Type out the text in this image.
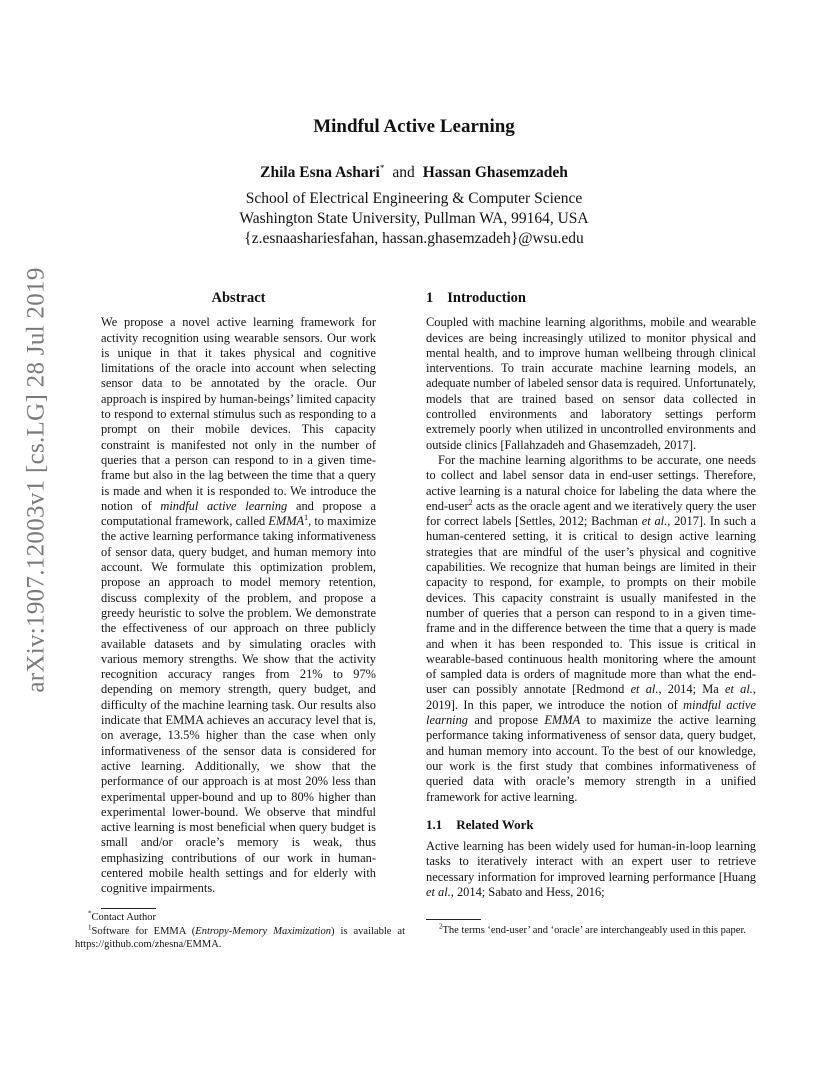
arXiv:1907.12003v1 [cs.LG] 28 Jul 2019
Mindful Active Learning
Zhila Esna Ashari* and Hassan Ghasemzadeh
School of Electrical Engineering & Computer Science
Washington State University, Pullman WA, 99164, USA
{z.esnaashariesfahan, hassan.ghasemzadeh}@wsu.edu
Abstract

We propose a novel active learning framework for activity recognition using wearable sensors. Our work is unique in that it takes physical and cognitive limitations of the oracle into account when selecting sensor data to be annotated by the oracle. Our approach is inspired by human-beings’ limited capacity to respond to external stimulus such as responding to a prompt on their mobile devices. This capacity constraint is manifested not only in the number of queries that a person can respond to in a given time-frame but also in the lag between the time that a query is made and when it is responded to. We introduce the notion of mindful active learning and propose a computational framework, called EMMA$^1$, to maximize the active learning performance taking informativeness of sensor data, query budget, and human memory into account. We formulate this optimization problem, propose an approach to model memory retention, discuss complexity of the problem, and propose a greedy heuristic to solve the problem. We demonstrate the effectiveness of our approach on three publicly available datasets and by simulating oracles with various memory strengths. We show that the activity recognition accuracy ranges from 21% to 97% depending on memory strength, query budget, and difficulty of the machine learning task. Our results also indicate that EMMA achieves an accuracy level that is, on average, 13.5% higher than the case when only informativeness of the sensor data is considered for active learning. Additionally, we show that the performance of our approach is at most 20% less than experimental upper-bound and up to 80% higher than experimental lower-bound. We observe that mindful active learning is most beneficial when query budget is small and/or oracle’s memory is weak, thus emphasizing contributions of our work in human-centered mobile health settings and for elderly with cognitive impairments.

*Contact Author
$^1$Software for EMMA (Entropy-Memory Maximization) is available at https://github.com/zhesna/EMMA.
1 Introduction

Coupled with machine learning algorithms, mobile and wearable devices are being increasingly utilized to monitor physical and mental health, and to improve human wellbeing through clinical interventions. To train accurate machine learning models, an adequate number of labeled sensor data is required. Unfortunately, models that are trained based on sensor data collected in controlled environments and laboratory settings perform extremely poorly when utilized in uncontrolled environments and outside clinics [Fallahzadeh and Ghasemzadeh, 2017].

For the machine learning algorithms to be accurate, one needs to collect and label sensor data in end-user settings. Therefore, active learning is a natural choice for labeling the data where the end-user$^2$ acts as the oracle agent and we iteratively query the user for correct labels [Settles, 2012; Bachman et al., 2017]. In such a human-centered setting, it is critical to design active learning strategies that are mindful of the user’s physical and cognitive capabilities. We recognize that human beings are limited in their capacity to respond, for example, to prompts on their mobile devices. This capacity constraint is usually manifested in the number of queries that a person can respond to in a given time-frame and in the difference between the time that a query is made and when it has been responded to. This issue is critical in wearable-based continuous health monitoring where the amount of sampled data is orders of magnitude more than what the end-user can possibly annotate [Redmond et al., 2014; Ma et al., 2019]. In this paper, we introduce the notion of mindful active learning and propose EMMA to maximize the active learning performance taking informativeness of sensor data, query budget, and human memory into account. To the best of our knowledge, our work is the first study that combines informativeness of queried data with oracle’s memory strength in a unified framework for active learning.

1.1 Related Work

Active learning has been widely used for human-in-loop learning tasks to iteratively interact with an expert user to retrieve necessary information for improved learning performance [Huang et al., 2014; Sabato and Hess, 2016;

$^2$The terms ‘end-user’ and ‘oracle’ are interchangeably used in this paper.
